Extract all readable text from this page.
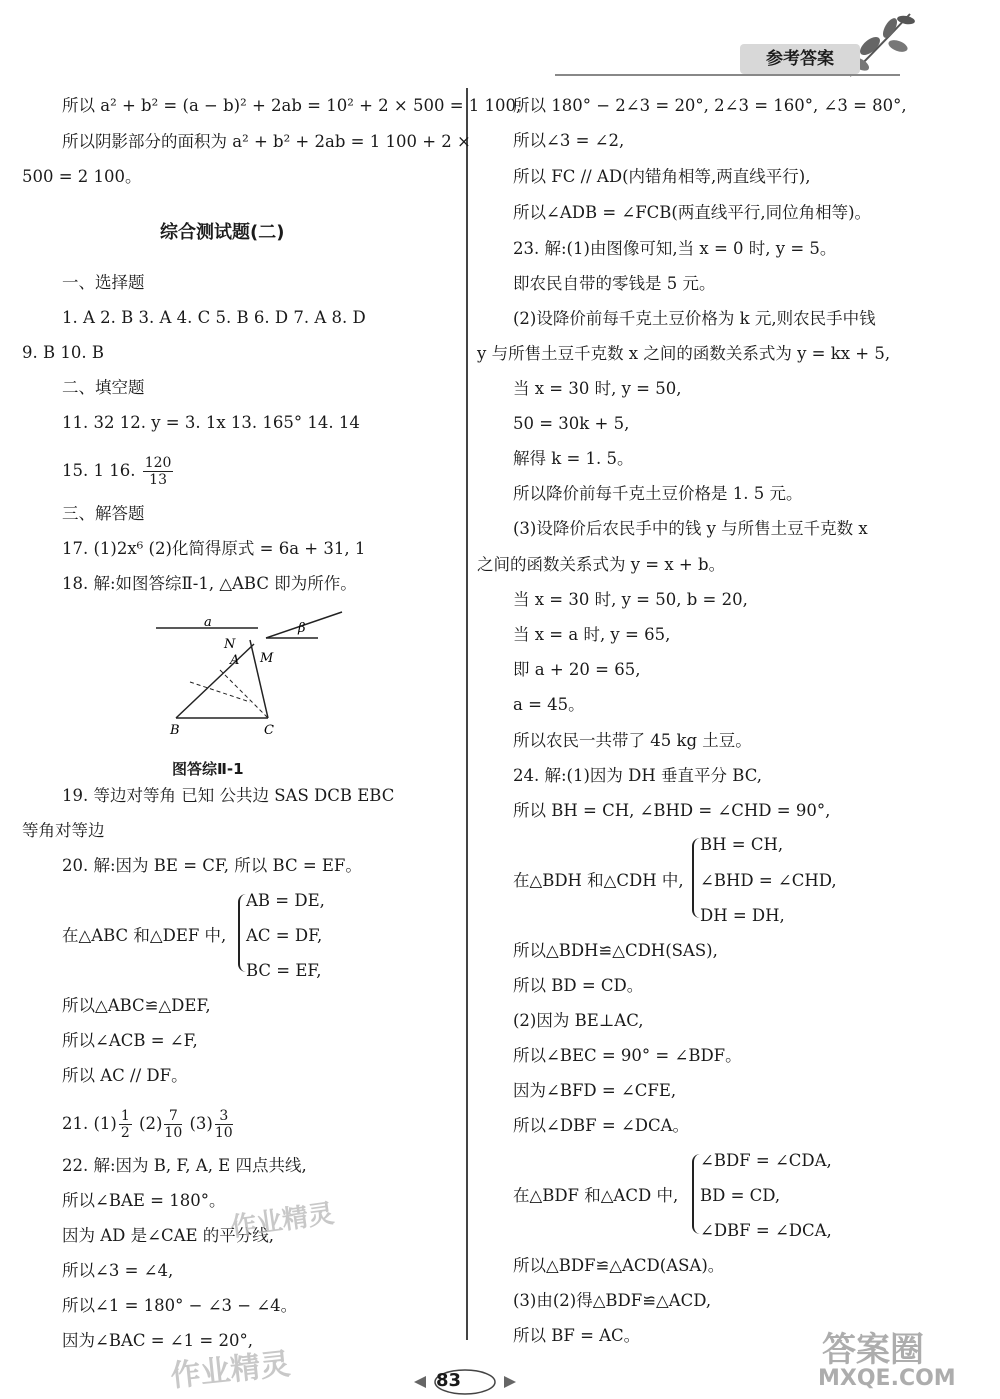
参考答案
所以 a² + b² = (a − b)² + 2ab = 10² + 2 × 500 = 1 100,
所以阴影部分的面积为 a² + b² + 2ab = 1 100 + 2 ×
500 = 2 100。
综合测试题(二)
一、选择题
1. A 2. B 3. A 4. C 5. B 6. D 7. A 8. D
9. B 10. B
二、填空题
11. 32 12. y = 3. 1x 13. 165° 14. 14
15. 1 16. $\frac{120}{13}$
三、解答题
17. (1)2x⁶ (2)化简得原式 = 6a + 31, 1
18. 解:如图答综Ⅱ-1, △ABC 即为所作。
a	β
N
A M
B	C
图答综Ⅱ-1
19. 等边对等角 已知 公共边 SAS DCB EBC
等角对等边
20. 解:因为 BE = CF, 所以 BC = EF。
在△ABC 和△DEF 中,
AB = DE,
AC = DF,
BC = EF,
所以△ABC≌△DEF,
所以∠ACB = ∠F,
所以 AC // DF。
21. $(1) \frac{1}{2} (2) \frac{7}{10} (3) \frac{3}{10}$
22. 解:因为 B, F, A, E 四点共线,
所以∠BAE = 180°。
因为 AD 是∠CAE 的平分线,
所以∠3 = ∠4,
所以∠1 = 180° − ∠3 − ∠4。
因为∠BAC = ∠1 = 20°,
所以 180° − 2∠3 = 20°, 2∠3 = 160°, ∠3 = 80°,
所以∠3 = ∠2,
所以 FC // AD(内错角相等,两直线平行),
所以∠ADB = ∠FCB(两直线平行,同位角相等)。
23. 解:(1)由图像可知,当 x = 0 时, y = 5。
即农民自带的零钱是 5 元。
(2)设降价前每千克土豆价格为 k 元,则农民手中钱
y 与所售土豆千克数 x 之间的函数关系式为 y = kx + 5,
当 x = 30 时, y = 50,
50 = 30k + 5,
解得 k = 1. 5。
所以降价前每千克土豆价格是 1. 5 元。
(3)设降价后农民手中的钱 y 与所售土豆千克数 x
之间的函数关系式为 y = x + b。
当 x = 30 时, y = 50, b = 20,
当 x = a 时, y = 65,
即 a + 20 = 65,
a = 45。
所以农民一共带了 45 kg 土豆。
24. 解:(1)因为 DH 垂直平分 BC,
所以 BH = CH, ∠BHD = ∠CHD = 90°,
在△BDH 和△CDH 中,
BH = CH,
∠BHD = ∠CHD,
DH = DH,
所以△BDH≌△CDH(SAS),
所以 BD = CD。
(2)因为 BE⊥AC,
所以∠BEC = 90° = ∠BDF。
因为∠BFD = ∠CFE,
所以∠DBF = ∠DCA。
在△BDF 和△ACD 中,
∠BDF = ∠CDA,
BD = CD,
∠DBF = ∠DCA,
所以△BDF≌△ACD(ASA)。
(3)由(2)得△BDF≌△ACD,
所以 BF = AC。
作业精灵
作业精灵	答案圈
MXQE.COM
83
